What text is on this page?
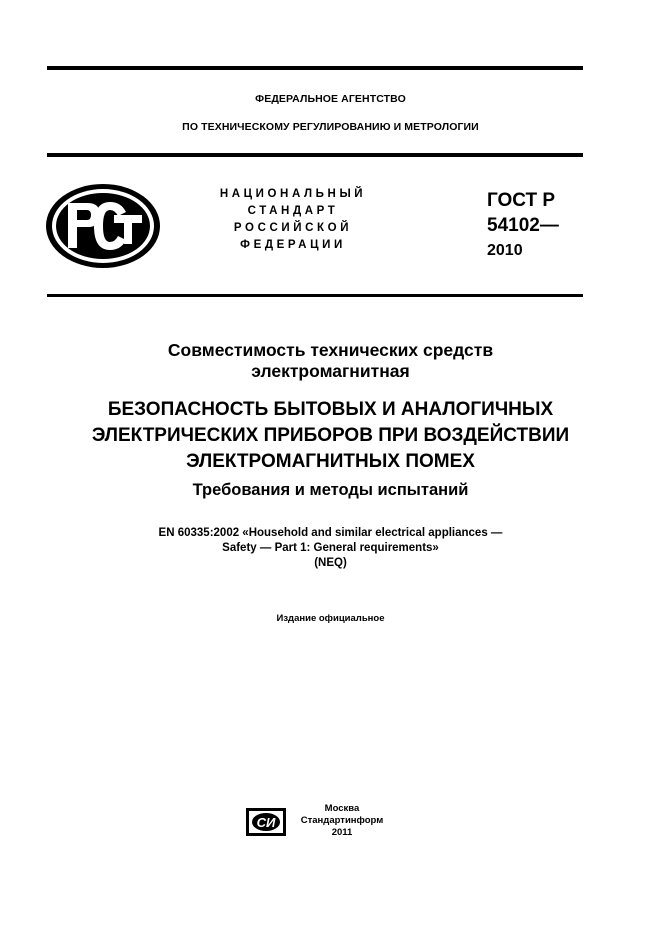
ФЕДЕРАЛЬНОЕ АГЕНТСТВО
ПО ТЕХНИЧЕСКОМУ РЕГУЛИРОВАНИЮ И МЕТРОЛОГИИ
НАЦИОНАЛЬНЫЙ
СТАНДАРТ
РОССИЙСКОЙ
ФЕДЕРАЦИИ
ГОСТ Р
54102—
2010
Совместимость технических средств
электромагнитная
БЕЗОПАСНОСТЬ БЫТОВЫХ И АНАЛОГИЧНЫХ
ЭЛЕКТРИЧЕСКИХ ПРИБОРОВ ПРИ ВОЗДЕЙСТВИИ
ЭЛЕКТРОМАГНИТНЫХ ПОМЕХ
Требования и методы испытаний
EN 60335:2002 «Household and similar electrical appliances —
Safety — Part 1: General requirements»
(NEQ)
Издание официальное
СИ
Москва
Стандартинформ
2011
